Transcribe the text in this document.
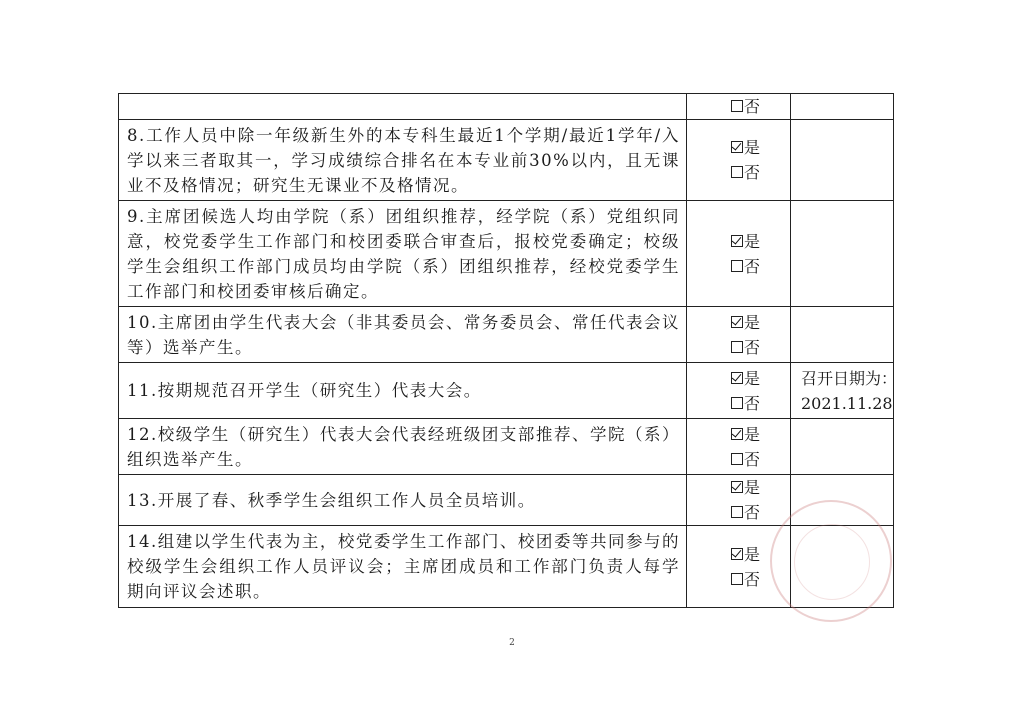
	否	

8.工作人员中除一年级新生外的本专科生最近1个学期/最近1学年/入学以来三者取其一，学习成绩综合排名在本专业前30%以内，且无课业不及格情况；研究生无课业不及格情况。	是
否	

9.主席团候选人均由学院（系）团组织推荐，经学院（系）党组织同意，校党委学生工作部门和校团委联合审查后，报校党委确定；校级学生会组织工作部门成员均由学院（系）团组织推荐，经校党委学生工作部门和校团委审核后确定。	是
否	

10.主席团由学生代表大会（非其委员会、常务委员会、常任代表会议等）选举产生。	是
否	

11.按期规范召开学生（研究生）代表大会。	是
否	召开日期为：
2021.11.28

12.校级学生（研究生）代表大会代表经班级团支部推荐、学院（系）组织选举产生。	是
否	

13.开展了春、秋季学生会组织工作人员全员培训。	是
否	

14.组建以学生代表为主，校党委学生工作部门、校团委等共同参与的校级学生会组织工作人员评议会；主席团成员和工作部门负责人每学期向评议会述职。	是
否	

2
